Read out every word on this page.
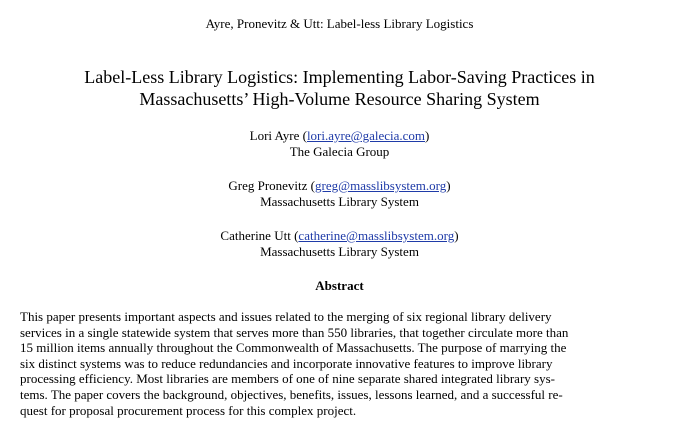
Ayre, Pronevitz & Utt: Label-less Library Logistics
Label-Less Library Logistics: Implementing Labor-Saving Practices in
Massachusetts’ High-Volume Resource Sharing System
Lori Ayre (lori.ayre@galecia.com)
The Galecia Group
Greg Pronevitz (greg@masslibsystem.org)
Massachusetts Library System
Catherine Utt (catherine@masslibsystem.org)
Massachusetts Library System
Abstract
This paper presents important aspects and issues related to the merging of six regional library delivery
services in a single statewide system that serves more than 550 libraries, that together circulate more than
15 million items annually throughout the Commonwealth of Massachusetts. The purpose of marrying the
six distinct systems was to reduce redundancies and incorporate innovative features to improve library
processing efficiency. Most libraries are members of one of nine separate shared integrated library sys-
tems. The paper covers the background, objectives, benefits, issues, lessons learned, and a successful re-
quest for proposal procurement process for this complex project.
